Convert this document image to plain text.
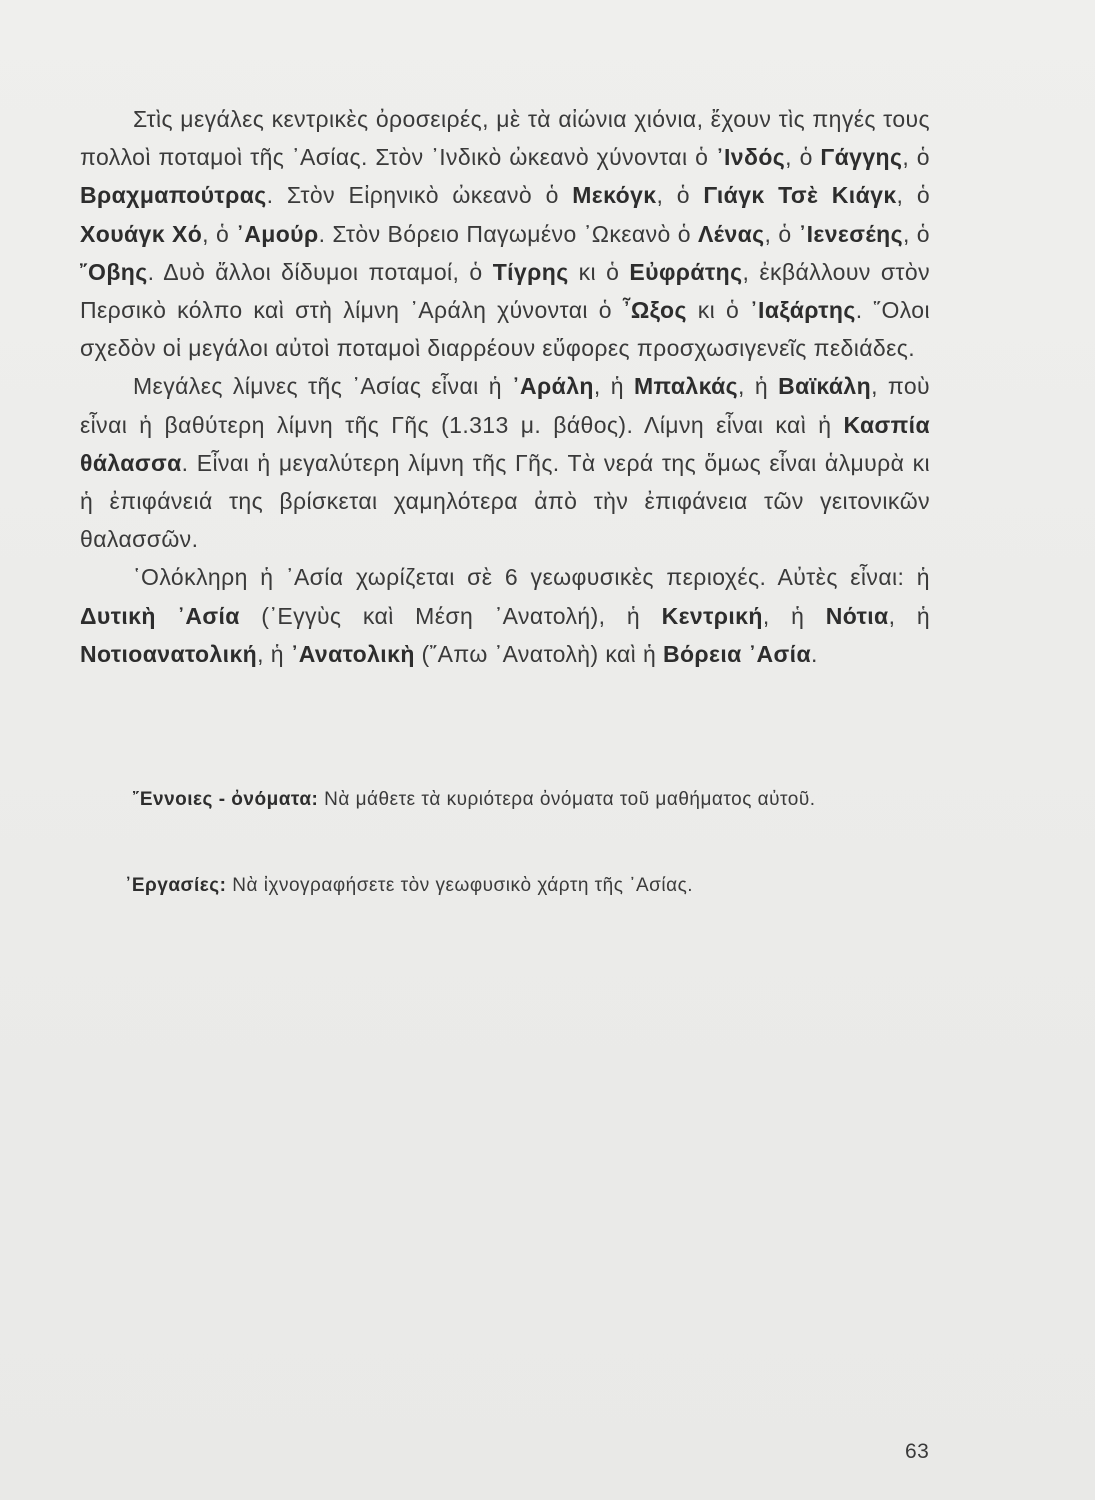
Στὶς μεγάλες κεντρικὲς ὀροσειρές, μὲ τὰ αἰώνια χιόνια, ἔχουν τὶς πηγές τους πολλοὶ ποταμοὶ τῆς ᾿Ασίας. Στὸν ᾿Ινδικὸ ὠκεανὸ χύνονται ὁ ᾿Ινδός, ὁ Γάγγης, ὁ Βραχμαπούτρας. Στὸν Εἰρηνικὸ ὠκεανὸ ὁ Μεκόγκ, ὁ Γιάγκ Τσὲ Κιάγκ, ὁ Χουάγκ Χό, ὁ ᾿Αμούρ. Στὸν Βόρειο Παγωμένο ᾿Ωκεανὸ ὁ Λένας, ὁ ᾿Ιενεσέης, ὁ ῎Οβης. Δυὸ ἄλλοι δίδυμοι ποταμοί, ὁ Τίγρης κι ὁ Εὐφράτης, ἐκβάλλουν στὸν Περσικὸ κόλπο καὶ στὴ λίμνη ᾿Αράλη χύνονται ὁ ῏Ωξος κι ὁ ᾿Ιαξάρτης. ῞Ολοι σχεδὸν οἱ μεγάλοι αὐτοὶ ποταμοὶ διαρρέουν εὔφορες προσχωσιγενεῖς πεδιάδες.

Μεγάλες λίμνες τῆς ᾿Ασίας εἶναι ἡ ᾿Αράλη, ἡ Μπαλκάς, ἡ Βαϊκάλη, ποὺ εἶναι ἡ βαθύτερη λίμνη τῆς Γῆς (1.313 μ. βάθος). Λίμνη εἶναι καὶ ἡ Κασπία θάλασσα. Εἶναι ἡ μεγαλύτερη λίμνη τῆς Γῆς. Τὰ νερά της ὅμως εἶναι ἁλμυρὰ κι ἡ ἐπιφάνειά της βρίσκεται χαμηλότερα ἀπὸ τὴν ἐπιφάνεια τῶν γειτονικῶν θαλασσῶν.

῾Ολόκληρη ἡ ᾿Ασία χωρίζεται σὲ 6 γεωφυσικὲς περιοχές. Αὐτὲς εἶναι: ἡ Δυτικὴ ᾿Ασία (᾿Εγγὺς καὶ Μέση ᾿Ανατολή), ἡ Κεντρική, ἡ Νότια, ἡ Νοτιοανατολική, ἡ ᾿Ανατολικὴ (῎Απω ᾿Ανατολὴ) καὶ ἡ Βόρεια ᾿Ασία.

῎Εννοιες - ὀνόματα: Νὰ μάθετε τὰ κυριότερα ὀνόματα τοῦ μαθήματος αὐτοῦ.

᾿Εργασίες: Νὰ ἰχνογραφήσετε τὸν γεωφυσικὸ χάρτη τῆς ᾿Ασίας.

63
